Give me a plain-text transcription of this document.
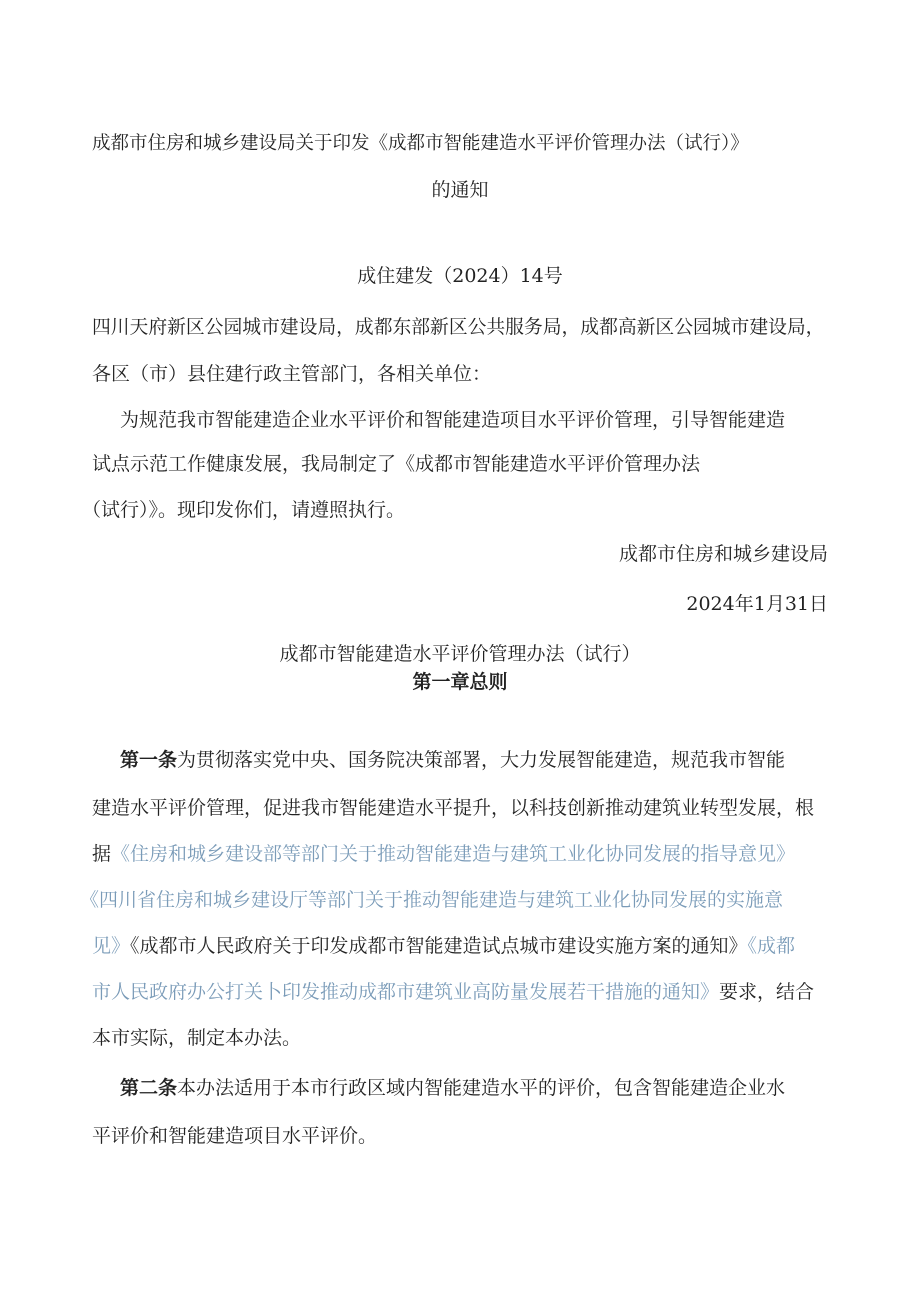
成都市住房和城乡建设局关于印发《成都市智能建造水平评价管理办法（试行）》
的通知
成住建发（2024）14号
四川天府新区公园城市建设局，成都东部新区公共服务局，成都高新区公园城市建设局，
各区（市）县住建行政主管部门，各相关单位：
为规范我市智能建造企业水平评价和智能建造项目水平评价管理，引导智能建造
试点示范工作健康发展，我局制定了《成都市智能建造水平评价管理办法
（试行）》。现印发你们，请遵照执行。
成都市住房和城乡建设局
2024年1月31日
成都市智能建造水平评价管理办法（试行）
第一章总则
第一条为贯彻落实党中央、国务院决策部署，大力发展智能建造，规范我市智能
建造水平评价管理，促进我市智能建造水平提升，以科技创新推动建筑业转型发展，根
据《住房和城乡建设部等部门关于推动智能建造与建筑工业化协同发展的指导意见》
《四川省住房和城乡建设厅等部门关于推动智能建造与建筑工业化协同发展的实施意
见》《成都市人民政府关于印发成都市智能建造试点城市建设实施方案的通知》《成都
市人民政府办公打关卜印发推动成都市建筑业高防量发展若干措施的通知》要求，结合
本市实际，制定本办法。
第二条本办法适用于本市行政区域内智能建造水平的评价，包含智能建造企业水
平评价和智能建造项目水平评价。
